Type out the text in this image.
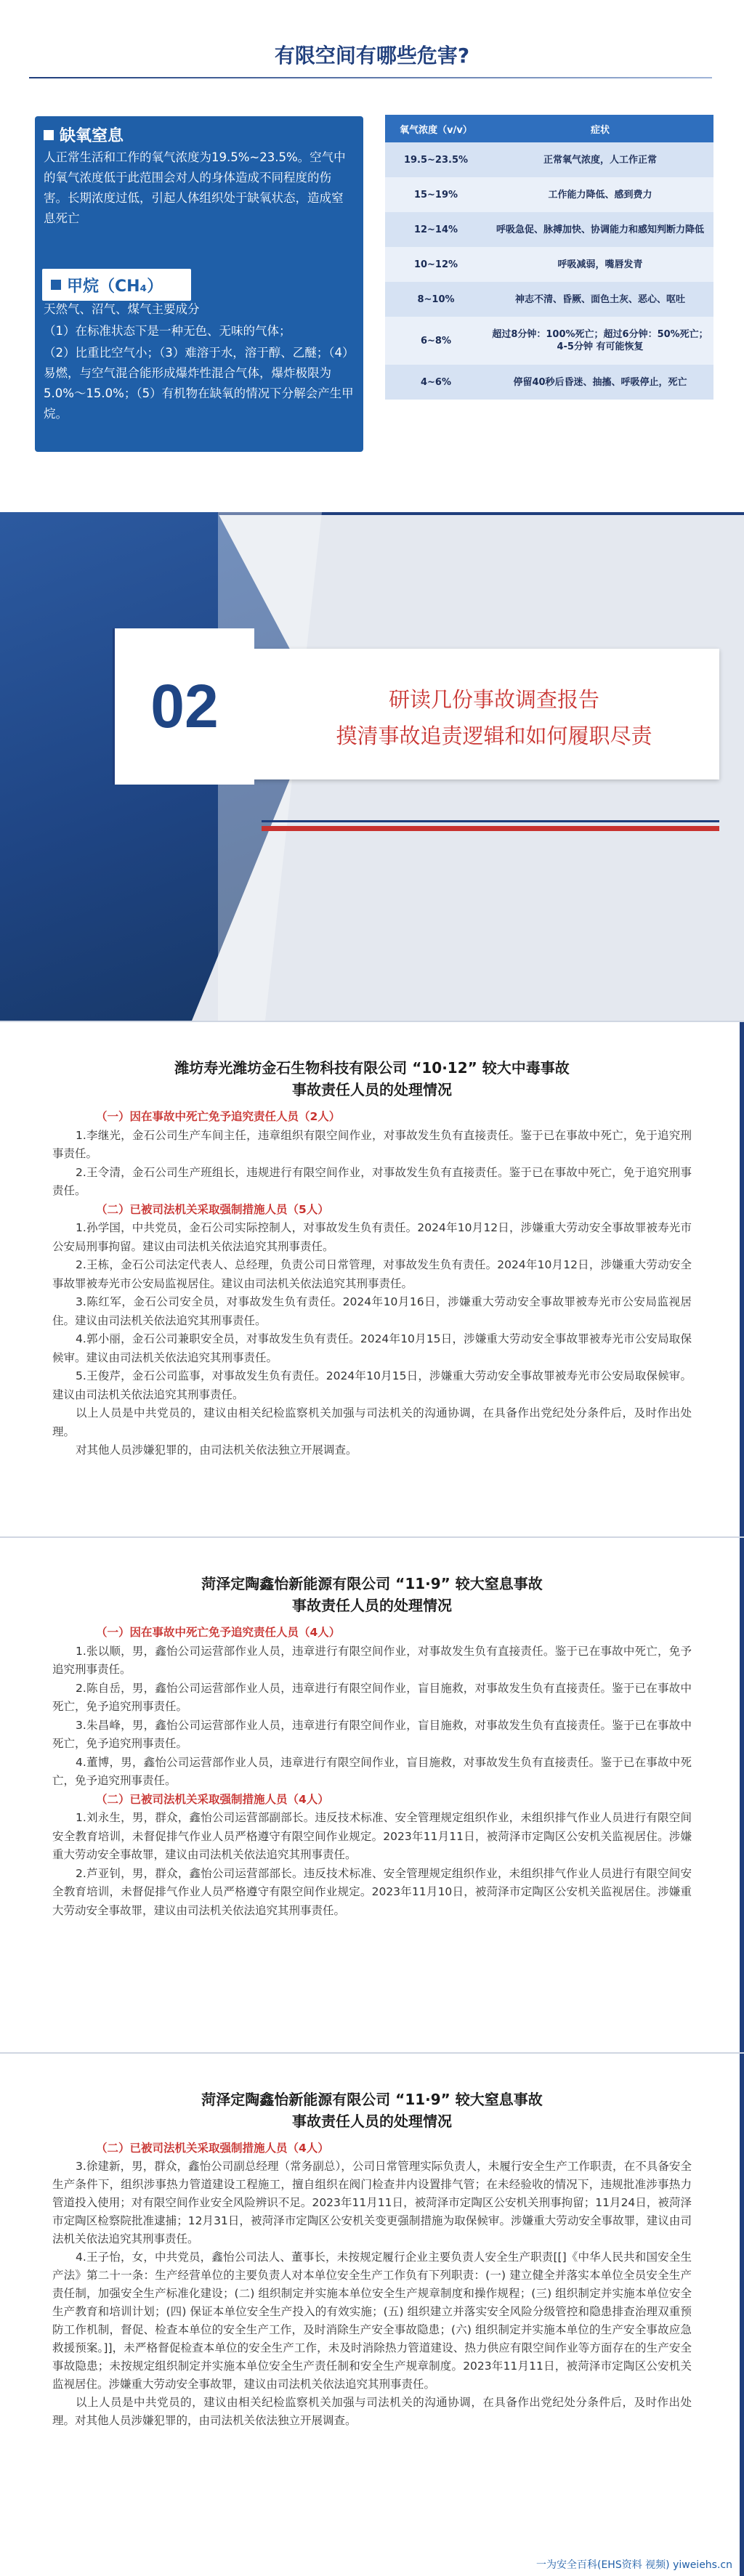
有限空间有哪些危害?
缺氧窒息
人正常生活和工作的氧气浓度为19.5%~23.5%。空气中的氧气浓度低于此范围会对人的身体造成不同程度的伤害。长期浓度过低，引起人体组织处于缺氧状态，造成窒息死亡
天然气、沼气、煤气主要成分
（1）在标准状态下是一种无色、无味的气体；
（2）比重比空气小；（3）难溶于水，溶于醇、乙醚；（4）易燃，与空气混合能形成爆炸性混合气体，爆炸极限为5.0%～15.0%；（5）有机物在缺氧的情况下分解会产生甲烷。
甲烷（CH₄）
氧气浓度（v/v）	症状
19.5~23.5%	正常氧气浓度，人工作正常
15~19%	工作能力降低、感到费力
12~14%	呼吸急促、脉搏加快、协调能力和感知判断力降低
10~12%	呼吸减弱，嘴唇发青
8~10%	神志不清、昏厥、面色土灰、恶心、呕吐
6~8%	超过8分钟：100%死亡；超过6分钟：50%死亡；4-5分钟 有可能恢复
4~6%	停留40秒后昏迷、抽搐、呼吸停止，死亡
02	研读几份事故调查报告
摸清事故追责逻辑和如何履职尽责
潍坊寿光潍坊金石生物科技有限公司 “10·12” 较大中毒事故
事故责任人员的处理情况
（一）因在事故中死亡免予追究责任人员（2人）
1.李继光，金石公司生产车间主任，违章组织有限空间作业，对事故发生负有直接责任。鉴于已在事故中死亡，免于追究刑事责任。
2.王令清，金石公司生产班组长，违规进行有限空间作业，对事故发生负有直接责任。鉴于已在事故中死亡，免于追究刑事责任。
（二）已被司法机关采取强制措施人员（5人）
1.孙学国，中共党员，金石公司实际控制人，对事故发生负有责任。2024年10月12日，涉嫌重大劳动安全事故罪被寿光市公安局刑事拘留。建议由司法机关依法追究其刑事责任。
2.王栋，金石公司法定代表人、总经理，负责公司日常管理，对事故发生负有责任。2024年10月12日，涉嫌重大劳动安全事故罪被寿光市公安局监视居住。建议由司法机关依法追究其刑事责任。
3.陈红军，金石公司安全员，对事故发生负有责任。2024年10月16日，涉嫌重大劳动安全事故罪被寿光市公安局监视居住。建议由司法机关依法追究其刑事责任。
4.郭小丽，金石公司兼职安全员，对事故发生负有责任。2024年10月15日，涉嫌重大劳动安全事故罪被寿光市公安局取保候审。建议由司法机关依法追究其刑事责任。
5.王俊芹，金石公司监事，对事故发生负有责任。2024年10月15日，涉嫌重大劳动安全事故罪被寿光市公安局取保候审。建议由司法机关依法追究其刑事责任。
以上人员是中共党员的，建议由相关纪检监察机关加强与司法机关的沟通协调，在具备作出党纪处分条件后，及时作出处理。
对其他人员涉嫌犯罪的，由司法机关依法独立开展调查。
菏泽定陶鑫怡新能源有限公司 “11·9” 较大窒息事故
事故责任人员的处理情况
（一）因在事故中死亡免予追究责任人员（4人）
1.张以顺，男，鑫怡公司运营部作业人员，违章进行有限空间作业，对事故发生负有直接责任。鉴于已在事故中死亡，免予追究刑事责任。
2.陈自岳，男，鑫怡公司运营部作业人员，违章进行有限空间作业，盲目施救，对事故发生负有直接责任。鉴于已在事故中死亡，免予追究刑事责任。
3.朱昌峰，男，鑫怡公司运营部作业人员，违章进行有限空间作业，盲目施救，对事故发生负有直接责任。鉴于已在事故中死亡，免予追究刑事责任。
4.董博，男，鑫怡公司运营部作业人员，违章进行有限空间作业，盲目施救，对事故发生负有直接责任。鉴于已在事故中死亡，免予追究刑事责任。
（二）已被司法机关采取强制措施人员（4人）
1.刘永生，男，群众，鑫怡公司运营部副部长。违反技术标准、安全管理规定组织作业，未组织排气作业人员进行有限空间安全教育培训，未督促排气作业人员严格遵守有限空间作业规定。2023年11月11日，被菏泽市定陶区公安机关监视居住。涉嫌重大劳动安全事故罪，建议由司法机关依法追究其刑事责任。
2.芦亚钊，男，群众，鑫怡公司运营部部长。违反技术标准、安全管理规定组织作业，未组织排气作业人员进行有限空间安全教育培训，未督促排气作业人员严格遵守有限空间作业规定。2023年11月10日，被菏泽市定陶区公安机关监视居住。涉嫌重大劳动安全事故罪，建议由司法机关依法追究其刑事责任。
菏泽定陶鑫怡新能源有限公司 “11·9” 较大窒息事故
事故责任人员的处理情况
（二）已被司法机关采取强制措施人员（4人）
3.徐建新，男，群众，鑫怡公司副总经理（常务副总），公司日常管理实际负责人，未履行安全生产工作职责，在不具备安全生产条件下，组织涉事热力管道建设工程施工，擅自组织在阀门检查井内设置排气管；在未经验收的情况下，违规批准涉事热力管道投入使用；对有限空间作业安全风险辨识不足。2023年11月11日，被菏泽市定陶区公安机关刑事拘留；11月24日，被菏泽市定陶区检察院批准逮捕；12月31日，被菏泽市定陶区公安机关变更强制措施为取保候审。涉嫌重大劳动安全事故罪，建议由司法机关依法追究其刑事责任。
4.王子怡，女，中共党员，鑫怡公司法人、董事长，未按规定履行企业主要负责人安全生产职责[[]《中华人民共和国安全生产法》第二十一条：生产经营单位的主要负责人对本单位安全生产工作负有下列职责：(一) 建立健全并落实本单位全员安全生产责任制，加强安全生产标准化建设；(二) 组织制定并实施本单位安全生产规章制度和操作规程；(三) 组织制定并实施本单位安全生产教育和培训计划；(四) 保证本单位安全生产投入的有效实施；(五) 组织建立并落实安全风险分级管控和隐患排查治理双重预防工作机制，督促、检查本单位的安全生产工作，及时消除生产安全事故隐患；(六) 组织制定并实施本单位的生产安全事故应急救援预案。]]，未严格督促检查本单位的安全生产工作，未及时消除热力管道建设、热力供应有限空间作业等方面存在的生产安全事故隐患；未按规定组织制定并实施本单位安全生产责任制和安全生产规章制度。2023年11月11日，被菏泽市定陶区公安机关监视居住。涉嫌重大劳动安全事故罪，建议由司法机关依法追究其刑事责任。
以上人员是中共党员的，建议由相关纪检监察机关加强与司法机关的沟通协调，在具备作出党纪处分条件后，及时作出处理。对其他人员涉嫌犯罪的，由司法机关依法独立开展调查。
一为安全百科(EHS资料 视频) yiweiehs.cn
